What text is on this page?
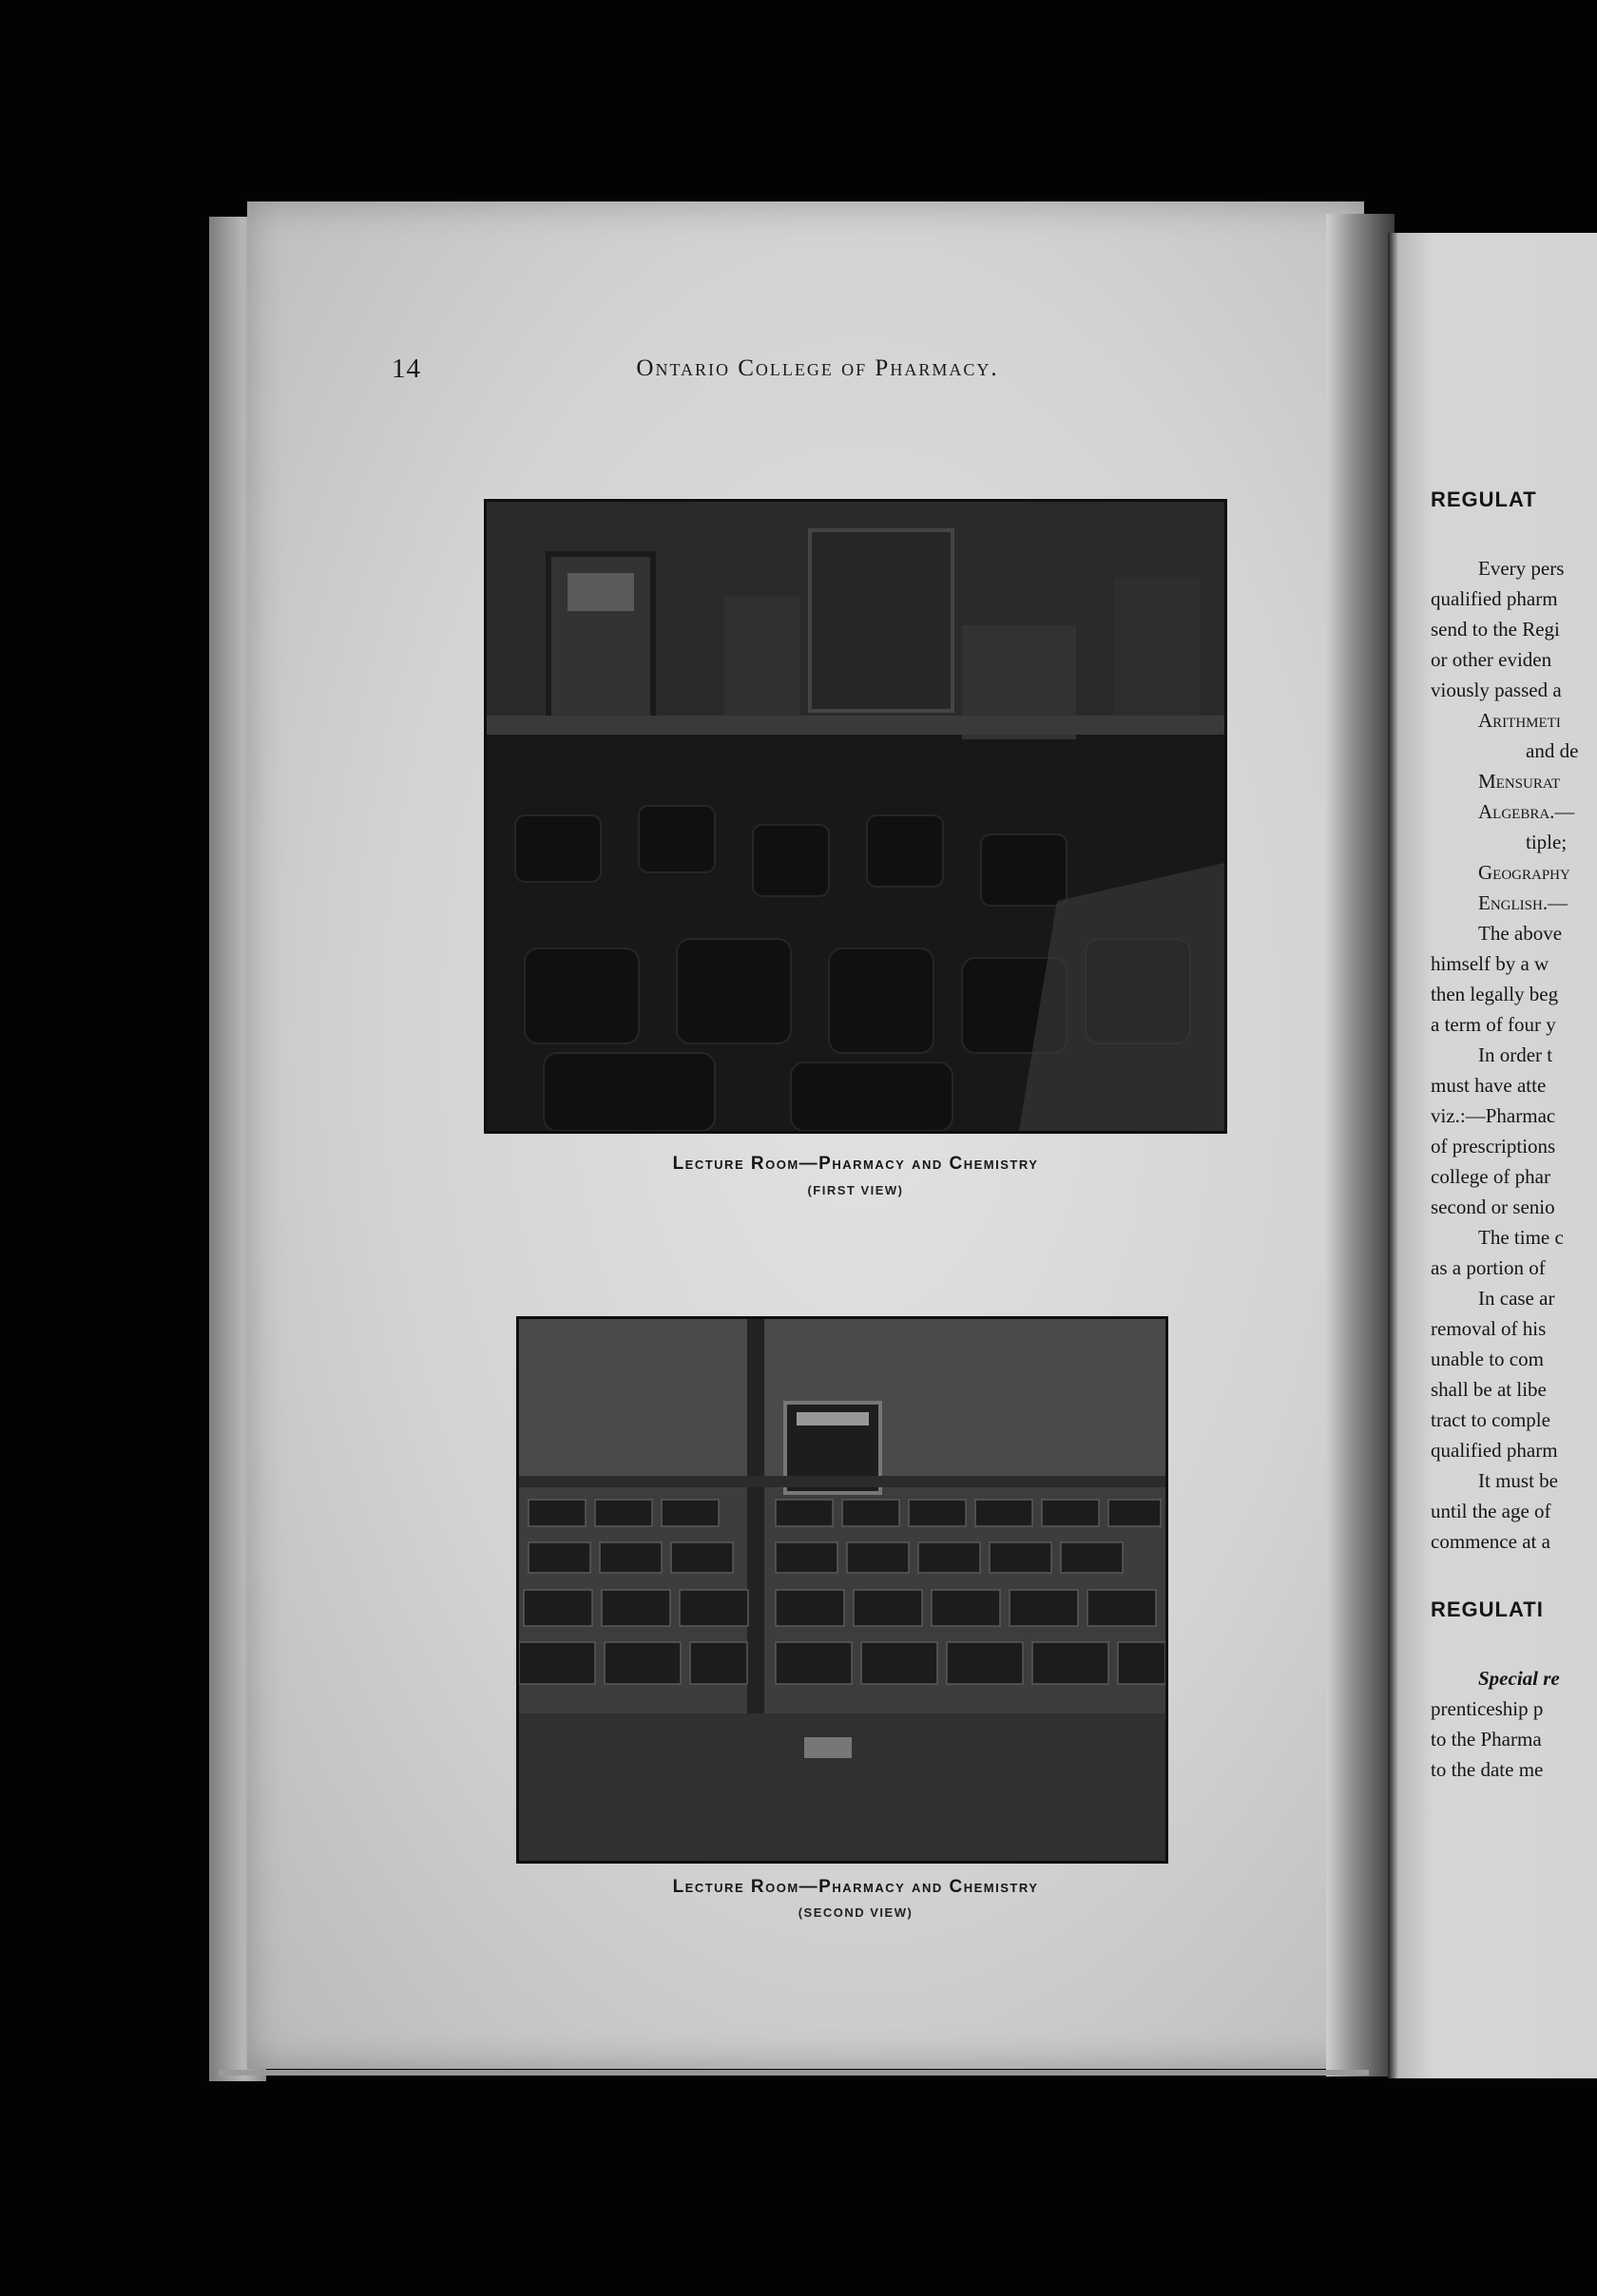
14	Ontario College of Pharmacy.
Lecture Room—Pharmacy and Chemistry
(FIRST VIEW)
Lecture Room—Pharmacy and Chemistry
(SECOND VIEW)
REGULAT
Every pers
qualified pharm
send to the Regi
or other eviden
viously passed a
Arithmeti
and de
Mensurat
Algebra.—
tiple;
Geography
English.—
The above
himself by a w
then legally beg
a term of four y
In order t
must have atte
viz.:—Pharmac
of prescriptions
college of phar
second or senio
The time c
as a portion of
In case ar
removal of his
unable to com
shall be at libe
tract to comple
qualified pharm
It must be
until the age of
commence at a
REGULATI
Special re
prenticeship p
to the Pharma
to the date me
